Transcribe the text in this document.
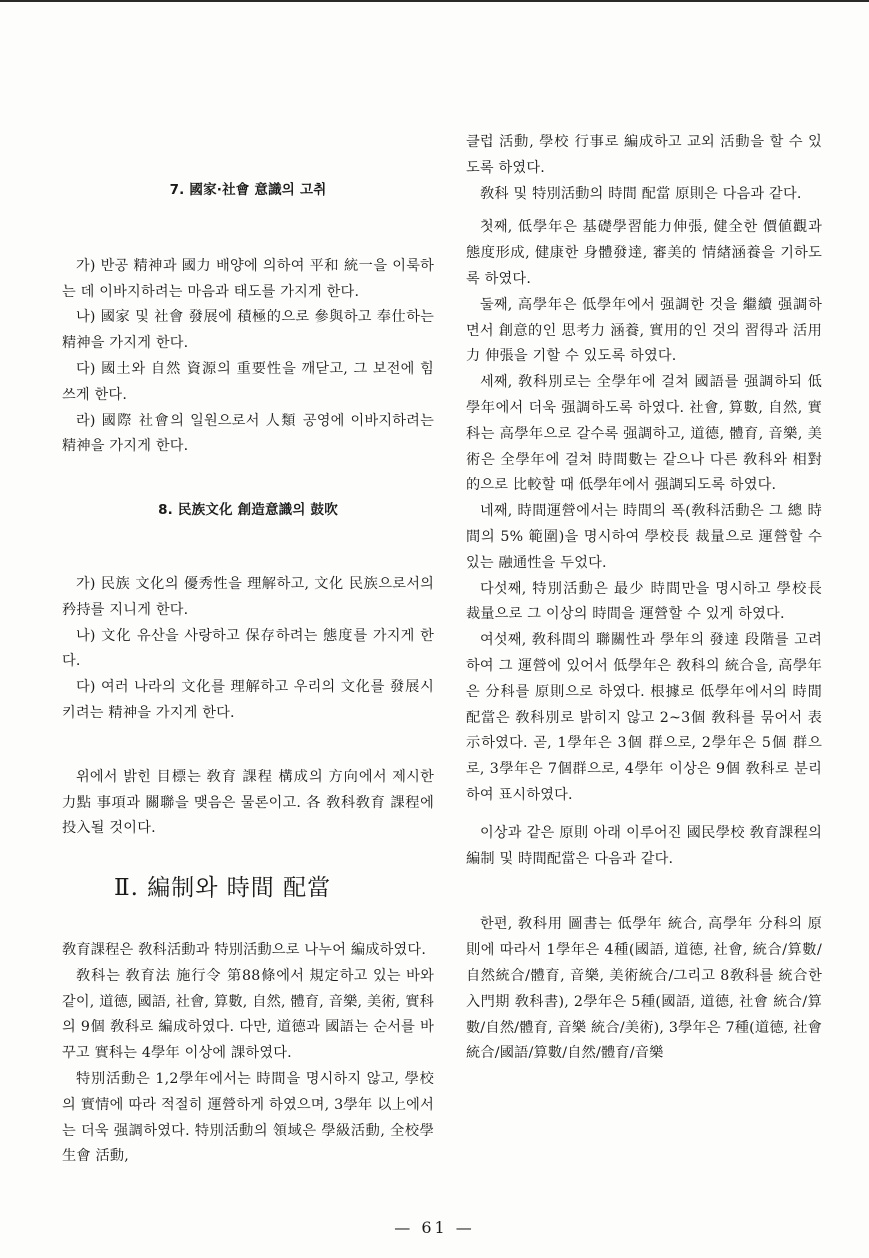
7. 國家·社會 意識의 고취

가) 반공 精神과 國力 배양에 의하여 平和 統一을 이룩하는 데 이바지하려는 마음과 태도를 가지게 한다.

나) 國家 및 社會 發展에 積極的으로 參與하고 奉仕하는 精神을 가지게 한다.

다) 國土와 自然 資源의 重要性을 깨닫고, 그 보전에 힘쓰게 한다.

라) 國際 社會의 일원으로서 人類 공영에 이바지하려는 精神을 가지게 한다.

8. 民族文化 創造意識의 鼓吹

가) 民族 文化의 優秀性을 理解하고, 文化 民族으로서의 矜持를 지니게 한다.

나) 文化 유산을 사랑하고 保存하려는 態度를 가지게 한다.

다) 여러 나라의 文化를 理解하고 우리의 文化를 發展시키려는 精神을 가지게 한다.

위에서 밝힌 目標는 敎育 課程 構成의 方向에서 제시한 力點 事項과 關聯을 맺음은 물론이고. 各 敎科敎育 課程에 投入될 것이다.

Ⅱ. 編制와 時間 配當

敎育課程은 敎科活動과 特別活動으로 나누어 編成하였다.

敎科는 敎育法 施行令 第88條에서 規定하고 있는 바와 같이, 道德, 國語, 社會, 算數, 自然, 體育, 音樂, 美術, 實科의 9個 敎科로 編成하였다. 다만, 道德과 國語는 순서를 바꾸고 實科는 4學年 이상에 課하였다.

特別活動은 1,2學年에서는 時間을 명시하지 않고, 學校의 實情에 따라 적절히 運營하게 하였으며, 3學年 以上에서는 더욱 强調하였다. 特別活動의 領域은 學級活動, 全校學生會 活動,

클럽 活動, 學校 行事로 編成하고 교외 活動을 할 수 있도록 하였다.

敎科 및 特別活動의 時間 配當 原則은 다음과 같다.

첫째, 低學年은 基礎學習能力伸張, 健全한 價値觀과 態度形成, 健康한 身體發達, 審美的 情緖涵養을 기하도록 하였다.

둘째, 高學年은 低學年에서 强調한 것을 繼續 强調하면서 創意的인 思考力 涵養, 實用的인 것의 習得과 活用力 伸張을 기할 수 있도록 하였다.

세째, 敎科別로는 全學年에 걸쳐 國語를 强調하되 低學年에서 더욱 强調하도록 하였다. 社會, 算數, 自然, 實科는 高學年으로 갈수록 强調하고, 道德, 體育, 音樂, 美術은 全學年에 걸쳐 時間數는 같으나 다른 敎科와 相對的으로 比較할 때 低學年에서 强調되도록 하였다.

네째, 時間運營에서는 時間의 폭(敎科活動은 그 總 時間의 5% 範圍)을 명시하여 學校長 裁量으로 運營할 수 있는 融通性을 두었다.

다섯째, 特別活動은 最少 時間만을 명시하고 學校長 裁量으로 그 이상의 時間을 運營할 수 있게 하였다.

여섯째, 敎科間의 聯關性과 學年의 發達 段階를 고려하여 그 運營에 있어서 低學年은 敎科의 統合을, 高學年은 分科를 原則으로 하였다. 根據로 低學年에서의 時間配當은 敎科別로 밝히지 않고 2~3個 敎科를 묶어서 表示하였다. 곧, 1學年은 3個 群으로, 2學年은 5個 群으로, 3學年은 7個群으로, 4學年 이상은 9個 敎科로 분리하여 표시하였다.

이상과 같은 原則 아래 이루어진 國民學校 敎育課程의 編制 및 時間配當은 다음과 같다.

한편, 敎科用 圖書는 低學年 統合, 高學年 分科의 原則에 따라서 1學年은 4種(國語, 道德, 社會, 統合/算數/自然統合/體育, 音樂, 美術統合/그리고 8敎科를 統合한 入門期 敎科書), 2學年은 5種(國語, 道德, 社會 統合/算數/自然/體育, 音樂 統合/美術), 3學年은 7種(道德, 社會 統合/國語/算數/自然/體育/音樂

— 61 —
